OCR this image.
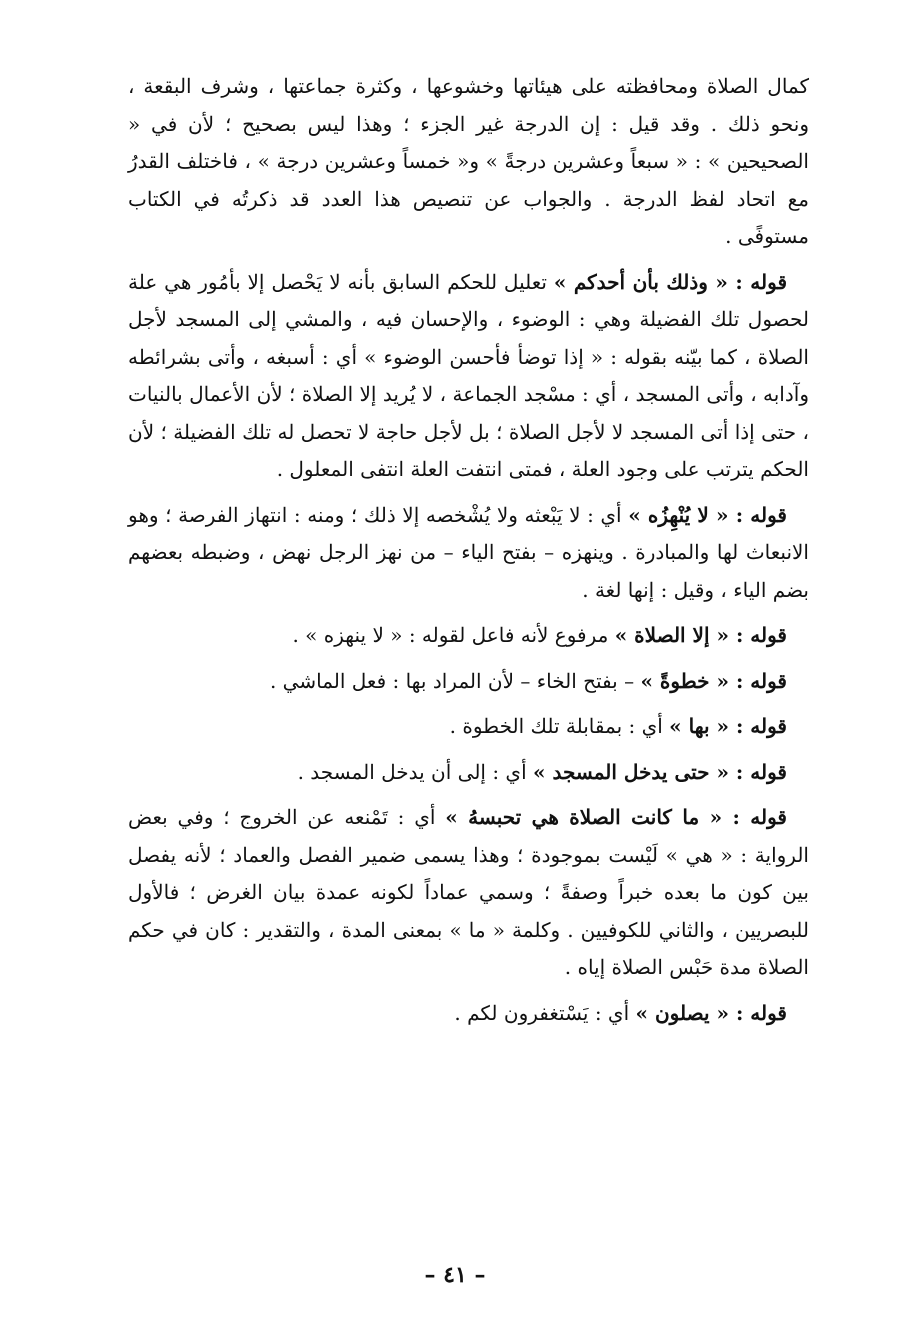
كمال الصلاة ومحافظته على هيئاتها وخشوعها ، وكثرة جماعتها ، وشرف البقعة ، ونحو ذلك . وقد قيل : إن الدرجة غير الجزء ؛ وهذا ليس بصحيح ؛ لأن في « الصحيحين » : « سبعاً وعشرين درجةً » و« خمساً وعشرين درجة » ، فاختلف القدرُ مع اتحاد لفظ الدرجة . والجواب عن تنصيص هذا العدد قد ذكرتُه في الكتاب مستوفًى .

قوله : « وذلك بأن أحدكم » تعليل للحكم السابق بأنه لا يَحْصل إلا بأمُور هي علة لحصول تلك الفضيلة وهي : الوضوء ، والإحسان فيه ، والمشي إلى المسجد لأجل الصلاة ، كما بيّنه بقوله : « إذا توضأ فأحسن الوضوء » أي : أسبغه ، وأتى بشرائطه وآدابه ، وأتى المسجد ، أي : مسْجد الجماعة ، لا يُريد إلا الصلاة ؛ لأن الأعمال بالنيات ، حتى إذا أتى المسجد لا لأجل الصلاة ؛ بل لأجل حاجة لا تحصل له تلك الفضيلة ؛ لأن الحكم يترتب على وجود العلة ، فمتى انتفت العلة انتفى المعلول .

قوله : « لا يُنْهِزُه » أي : لا يَبْعثه ولا يُشْخصه إلا ذلك ؛ ومنه : انتهاز الفرصة ؛ وهو الانبعاث لها والمبادرة . وينهزه – بفتح الياء – من نهز الرجل نهض ، وضبطه بعضهم بضم الياء ، وقيل : إنها لغة .

قوله : « إلا الصلاة » مرفوع لأنه فاعل لقوله : « لا ينهزه » .

قوله : « خطوةً » – بفتح الخاء – لأن المراد بها : فعل الماشي .

قوله : « بها » أي : بمقابلة تلك الخطوة .

قوله : « حتى يدخل المسجد » أي : إلى أن يدخل المسجد .

قوله : « ما كانت الصلاة هي تحبسهُ » أي : تَمْنعه عن الخروج ؛ وفي بعض الرواية : « هي » لَيْست بموجودة ؛ وهذا يسمى ضمير الفصل والعماد ؛ لأنه يفصل بين كون ما بعده خبراً وصفةً ؛ وسمي عماداً لكونه عمدة بيان الغرض ؛ فالأول للبصريين ، والثاني للكوفيين . وكلمة « ما » بمعنى المدة ، والتقدير : كان في حكم الصلاة مدة حَبْس الصلاة إياه .

قوله : « يصلون » أي : يَسْتغفرون لكم .

– ٤١ –
